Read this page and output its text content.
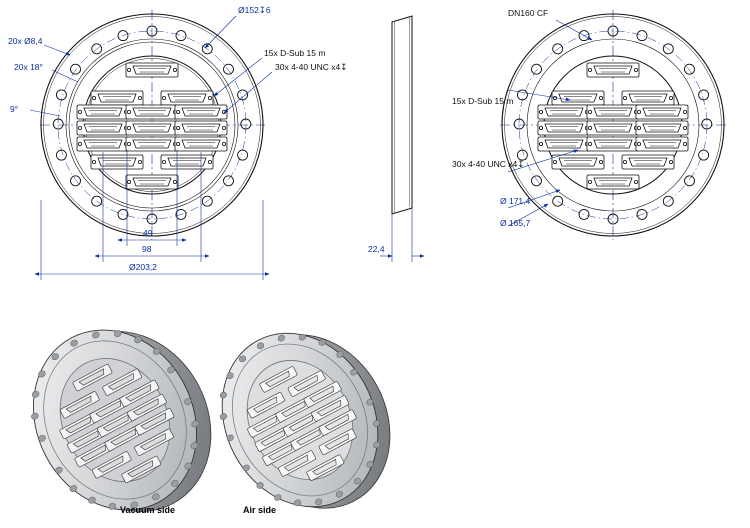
20x Ø8,4
20x 18°
9°
Ø152↧6
15x D-Sub 15 m
30x 4-40 UNC x4↧
49
98
Ø203,2
22,4
DN160 CF
15x D-Sub 15 m
30x 4-40 UNC x4↧
Ø 171,4
Ø 165,7
Vacuum side	Air side
